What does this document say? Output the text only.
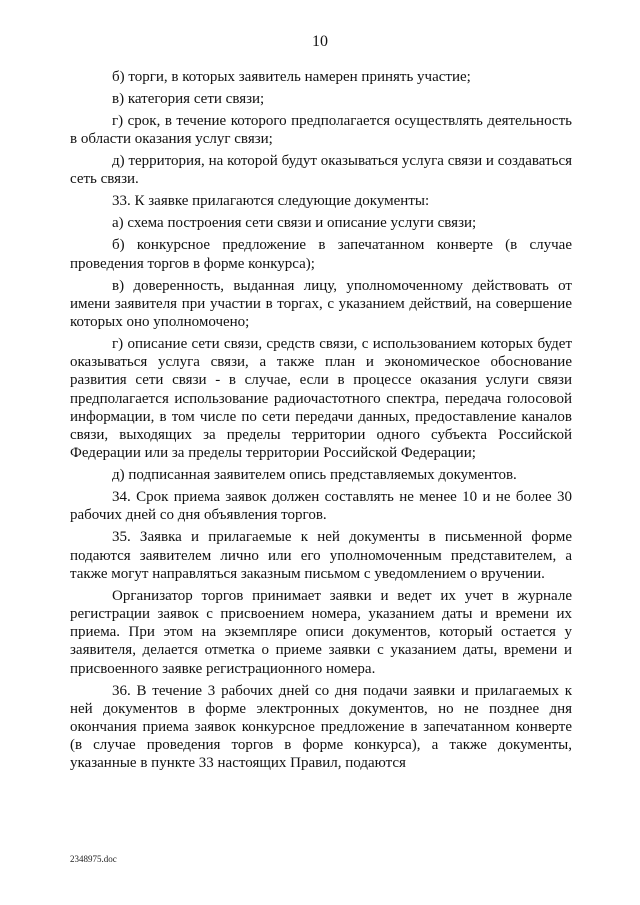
10

б) торги, в которых заявитель намерен принять участие;

в) категория сети связи;

г) срок, в течение которого предполагается осуществлять деятельность в области оказания услуг связи;

д) территория, на которой будут оказываться услуга связи и создаваться сеть связи.

33. К заявке прилагаются следующие документы:

а) схема построения сети связи и описание услуги связи;

б) конкурсное предложение в запечатанном конверте (в случае проведения торгов в форме конкурса);

в) доверенность, выданная лицу, уполномоченному действовать от имени заявителя при участии в торгах, с указанием действий, на совершение которых оно уполномочено;

г) описание сети связи, средств связи, с использованием которых будет оказываться услуга связи, а также план и экономическое обоснование развития сети связи - в случае, если в процессе оказания услуги связи предполагается использование радиочастотного спектра, передача голосовой информации, в том числе по сети передачи данных, предоставление каналов связи, выходящих за пределы территории одного субъекта Российской Федерации или за пределы территории Российской Федерации;

д) подписанная заявителем опись представляемых документов.

34. Срок приема заявок должен составлять не менее 10 и не более 30 рабочих дней со дня объявления торгов.

35. Заявка и прилагаемые к ней документы в письменной форме подаются заявителем лично или его уполномоченным представителем, а также могут направляться заказным письмом с уведомлением о вручении.

Организатор торгов принимает заявки и ведет их учет в журнале регистрации заявок с присвоением номера, указанием даты и времени их приема. При этом на экземпляре описи документов, который остается у заявителя, делается отметка о приеме заявки с указанием даты, времени и присвоенного заявке регистрационного номера.

36. В течение 3 рабочих дней со дня подачи заявки и прилагаемых к ней документов в форме электронных документов, но не позднее дня окончания приема заявок конкурсное предложение в запечатанном конверте (в случае проведения торгов в форме конкурса), а также документы, указанные в пункте 33 настоящих Правил, подаются

2348975.doc
